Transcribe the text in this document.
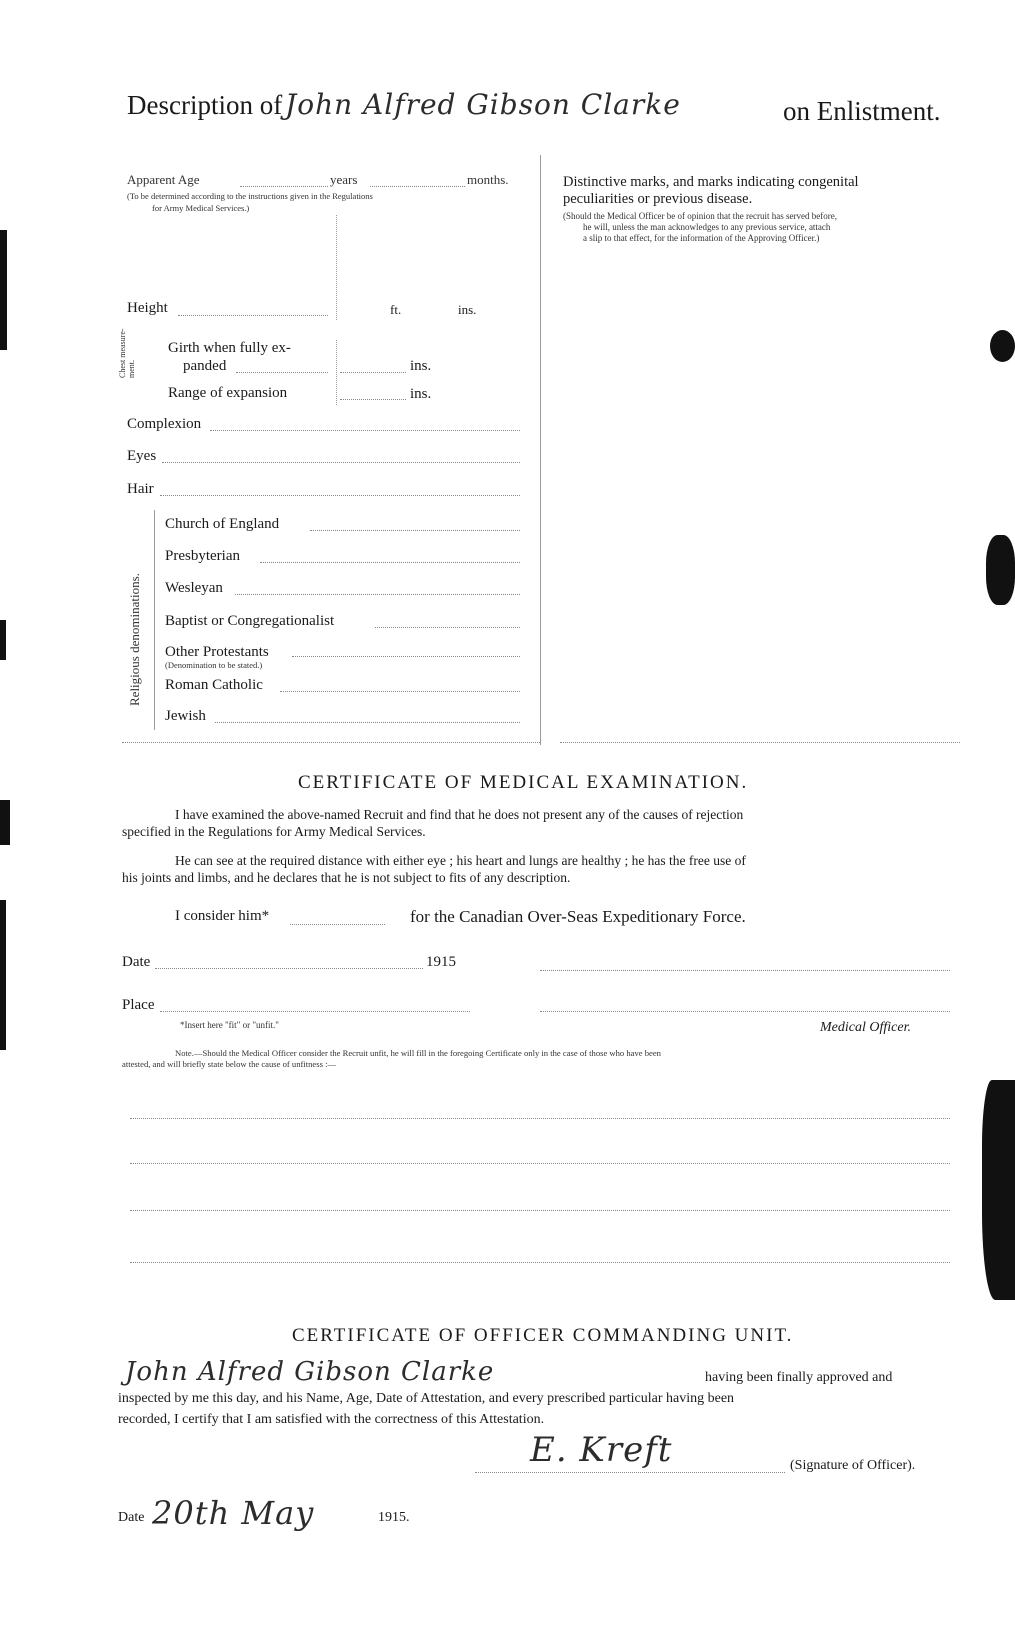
Description of John Alfred Gibson Clarke	on Enlistment.
Apparent Age	years	months.
(To be determined according to the instructions given in the Regulations
for Army Medical Services.)
Height	ft.	ins.
Chest measure-ment.
Girth when fully ex-
panded	ins.
Range of expansion	ins.
Complexion
Eyes
Hair
Religious denominations.
Church of England
Presbyterian
Wesleyan
Baptist or Congregationalist
Other Protestants
(Denomination to be stated.)
Roman Catholic
Jewish
Distinctive marks, and marks indicating congenital
peculiarities or previous disease.
(Should the Medical Officer be of opinion that the recruit has served before,
he will, unless the man acknowledges to any previous service, attach
a slip to that effect, for the information of the Approving Officer.)
CERTIFICATE OF MEDICAL EXAMINATION.
I have examined the above-named Recruit and find that he does not present any of the causes of rejection
specified in the Regulations for Army Medical Services.
He can see at the required distance with either eye ; his heart and lungs are healthy ; he has the free use of
his joints and limbs, and he declares that he is not subject to fits of any description.
I consider him*	for the Canadian Over-Seas Expeditionary Force.
Date	1915
Place
*Insert here "fit" or "unfit."	Medical Officer.
Note.—Should the Medical Officer consider the Recruit unfit, he will fill in the foregoing Certificate only in the case of those who have been
attested, and will briefly state below the cause of unfitness :—
CERTIFICATE OF OFFICER COMMANDING UNIT.
John Alfred Gibson Clarke	having been finally approved and
inspected by me this day, and his Name, Age, Date of Attestation, and every prescribed particular having been
recorded, I certify that I am satisfied with the correctness of this Attestation.
E. Kreft	(Signature of Officer).
Date 20th May	1915.
